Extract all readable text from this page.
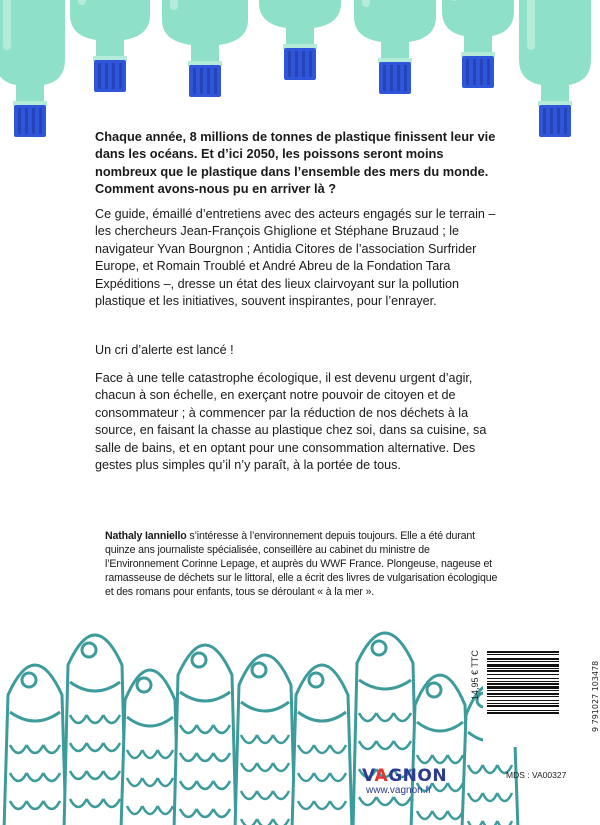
Chaque année, 8 millions de tonnes de plastique finissent leur vie dans les océans. Et d’ici 2050, les poissons seront moins nombreux que le plastique dans l’ensemble des mers du monde. Comment avons-nous pu en arriver là ?

Ce guide, émaillé d’entretiens avec des acteurs engagés sur le terrain – les chercheurs Jean-François Ghiglione et Stéphane Bruzaud ; le navigateur Yvan Bourgnon ; Antidia Citores de l’association Surfrider Europe, et Romain Troublé et André Abreu de la Fondation Tara Expéditions –, dresse un état des lieux clairvoyant sur la pollution plastique et les initiatives, souvent inspirantes, pour l’enrayer.

Un cri d’alerte est lancé !

Face à une telle catastrophe écologique, il est devenu urgent d’agir, chacun à son échelle, en exerçant notre pouvoir de citoyen et de consommateur ; à commencer par la réduction de nos déchets à la source, en faisant la chasse au plastique chez soi, dans sa cuisine, sa salle de bains, et en optant pour une consommation alternative. Des gestes plus simples qu’il n’y paraît, à la portée de tous.

Nathaly Ianniello s’intéresse à l’environnement depuis toujours. Elle a été durant quinze ans journaliste spécialisée, conseillère au cabinet du ministre de l’Environnement Corinne Lepage, et auprès du WWF France. Plongeuse, nageuse et ramasseuse de déchets sur le littoral, elle a écrit des livres de vulgarisation écologique et des romans pour enfants, tous se déroulant « à la mer ».

14,95 € TTC	9 791027 103478
VAGNON
www.vagnon.fr
MDS : VA00327
